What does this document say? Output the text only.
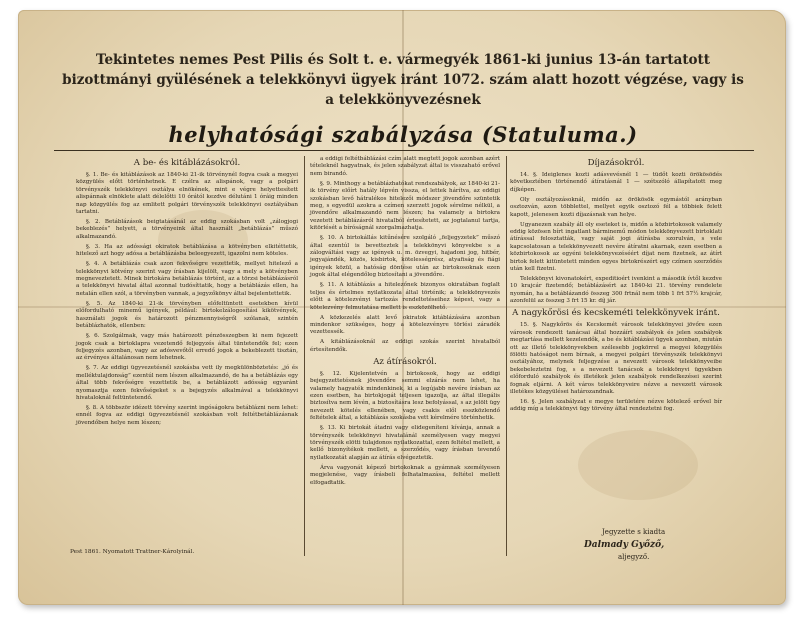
Tekintetes nemes Pest Pilis és Solt t. e. vármegyék 1861-ki junius 13-án tartatott bizottmányi gyülésének a telekkönyvi ügyek iránt 1072. szám alatt hozott végzése, vagy is a telekkönyvezésnek
helyhatósági szabályzása (Statuluma.)
A be- és kitáblázásokról.

§. 1. Be- és kitáblázások az 1840-ki 21-ik törvénynél fogva csak a megyei közgyülés előtt történhetnek. E czélra az alispánok, vagy a polgári törvényszék telekkönyvi osztálya elnökének, mint e végre helyettesített alispánnak elnöklete alatt délelőtti 10 órától kezdve délutáni 1 óráig minden nap közgyülés fog az emlitett polgári törvényszék telekkönyvi osztályában tartatni.

§. 2. Betáblázások beigtatásánál az eddig szokásban volt „zálogjogi bekeblezés” helyett, a törvényeink által használt „betáblázás” műszó alkalmazandó.

§. 3. Ha az adóssági okiratok betáblázása a kötvényben elkitéttetik, hitelező azt hogy adósa a betáblázásba beleegyezett, igazolni nem köteles.

§. 4. A betáblázás csak azon fekvőségre vezettetik, mellyet hitelező a telekkönyvi kötvény szerint vagy írásban kijelölt, vagy a mely a kötvényben megneveztetett. Minek birtokára betáblázás történt, az a törzsi betáblázásról a telekkönyvi hivatal által azonnal tudósíttatik, hogy a betáblázás ellen, ha netalán ellen szól, a törvényben vannak, a jegyzőkönyv által bejelentettetik.

§. 5. Az 1840-ki 21-ik törvényben előfeltüntett esetekben kívül előfordulható minemű igények, például: birtokelzálogosítási kikötvények, használati jogok és határozott pénzmennyiségről szólanak, szintén betáblázhatók, ellenben:

§. 6. Szolgálmak, vagy más határozott pénzösszegben ki nem fejezett jogok csak a birtoklapra vezetendő feljegyzés által tüntetendők fel; ezen feljegyzés azonban, vagy az adósvevőtől erredő jogok a bekeblezett tisztán, az érvényes általánosan nem lehetnek.

§. 7. Az eddigi ügyvezetésnél szokásba vett ily megkülönböztetés: „jó és melléktulajdonság” ezentúl nem lészen alkalmazandó, de ha a betáblázás egy által több fekvőségre vezettetik be, a betáblázott adósság egyaránt nyomasztja ezen fekvőségeket s a bejegyzés alkalmával a telekkönyvi hivataloknál feltüntetendő.

§. 8. A többször idézett törvény szerint ingóságokra betáblázni nem lehet: ennél fogva az eddigi ügyvezetésnél szokásban volt feltétbetáblázásnak jövendőben helye nem lészen;

a eddigi feltétbáblázási czím alatt megtett jogok azonban azért tételeknél hagyatnak, és jelen szabályzat által is visszaható erővel nem birandó.

§. 9. Minthogy a betáblázhatókat rendszabályok, az 1840-ki 21-ik törvény előírt hatály lépvén vissza, el lettek hárítva, az eddigi szokásban levő hátralékos hitelezői módszer jövendőre szüntetik meg, s egyedül azokra a czímen szerzett jogok sérelme nélkül, a jövendőre alkalmazandó nem lészen; ha valamely a birtokra vezetett betáblázásról hivatalból értesítetett, az jogtalanul tartja, kitörlését a bíróságnál szorgalmazhatja.

§. 10. A birtokállás kitűnésére szolgáló „feljegyzetek” műszó által ezentúl is bevetteztek a telekkönyvi könyvekbe s a zálogváltási vagy az igények u. m. özvegyi, hajadoni jog, hitbér, jegyajándék, közös, kisbirtok, kötelességrész, atyafiság és fiági igények közül, a hatóság döntése után az birtokosoknak ezen jogok által elégendőleg biztosítani a jövendőre.

§. 11. A kitáblázás a hitelezőnek bizonyos okiratában foglalt teljes és értelmes nyilatkozata által történik; a telekkönyvezés előtt a kötelezvényi tartozás rendeltetéseihez képest, vagy a kötelezvény felmutatása mellett is eszközölhető.

A közkezelés alatt levő okiratok kitáblázására azonban mindenkor szükséges, hogy a kötelezvényre törlési záradék vezettessék.

A kitáblázásoknál az eddigi szokás szerint hivatalból értesítendők.

Az átírásokról.

§. 12. Kijelentetvén a birtokosok, hogy az eddigi bejegyzettetésnek jövendőre semmi elzárás nem lehet, ha valamely hagyaték mindenkinek, ki a legújabb nevére írásban az ezen esetben, ha birtokjogát teljesen igazolja, az által illegális biztosítva nem lévén, a biztosításra lesz befolyással, s az jelölt ügy nevezett kötelés ellenében, vagy csakis elől esszközlendő feltételek által, a kitáblázás szokásba vett kérelmére történhetik.

§. 13. Ki birtokát átadni vagy elidegeníteni kívánja, annak a törvényszék telekkönyvi hivatalánál személyesen vagy megyei törvényszék elötti tulajdonos nyilatkozattal, ezen feltétel mellett, a kellő bizonyítékok mellett, a szerződés, vagy írásban tevendő nyilatkozatát alapján az átírás elvégeztetik.

Árva vagyonát képező birtokoknak a gyámnak személyesen megjelenése, vagy írásbeli felhatalmazása, feltétel mellett elfogadtatik.

Díjazásokról.

14. §. Ideiglenes kozti adásvevésnél 1 — tüdőt kozti örökösödés következtében történendő átíratásnál 1 — szétszóló állapítatott meg díjképen.

Oly osztályozásoknál, midőn az örökösök egymástól arányban osztozván, azon többlettel, mellyet egyik osztozó fél a többiek felett kapott, jelenesen kozti díjazásnak van helye.

Ugyanezen szabály áll oly eseteket is, midőn a közbirtokosok valamely eddig közösen bírt ingatlant bárminemű módon telekkönyvezett birtoklati átírással felosztatták, vagy saját jogi átírásba szorulván, s vele kapcsolatosan a telekkönyvezett nevére átíratni akarnak, ezen esetben a közbirtokosok az egyéni telekkönyvezéséért díjat nem fizetnek, az átírt birtok felett kitüntetett minden egyes birtokrészért egy czímen szerződés után kell fizetni.

Telekkönyvi kivonatokért, expeditioért ivenkint a második ívtől kezdve 10 krajcár fizetendő; betáblázásért az 1840-ki 21. törvény rendelete nyomán, ha a betáblázandó összeg 300 frtnál nem több 1 frt 57½ krajcár, azonfelül az összeg 3 frt 15 kr. díj jár.

A nagykőrösi és kecskeméti telekkönyvek iránt.

15. §. Nagykőrös és Kecskemét városok telekkönyvei jövőre ezen városok rendezett tanácsai által hozzáírt szabályok és jelen szabályok megtartása mellett kezelendők, a be és kitáblázási ügyek azonban, miután ott az illető telekkönyvekben szélesebb jogkörrel a megyei közgyülés fölötti hatóságot nem bírnak, a megyei polgári törvényszék telekkönyvi osztályához, melynek feljegyzése a nevezett városok telekkönyveibe bekebeleztetni fog, s a nevezett tanácsok a telekkönyvi ügyekben előforduló szabályok és illetékek jelen szabályok rendelkezései szerint fognak eljárni. A két város telekkönyveire nézve a nevezett városok illetékes közgyülései határozandnak.

16. §. Jelen szabályzat e megye területére nézve kötelező erővel bír addig míg a telekkönyvi ügy törvény által rendeztetni fog.

Jegyzette s kiadta
Dalmady Győző,
aljegyző.
Pest 1861. Nyomatott Trattner-Károlyinál.
